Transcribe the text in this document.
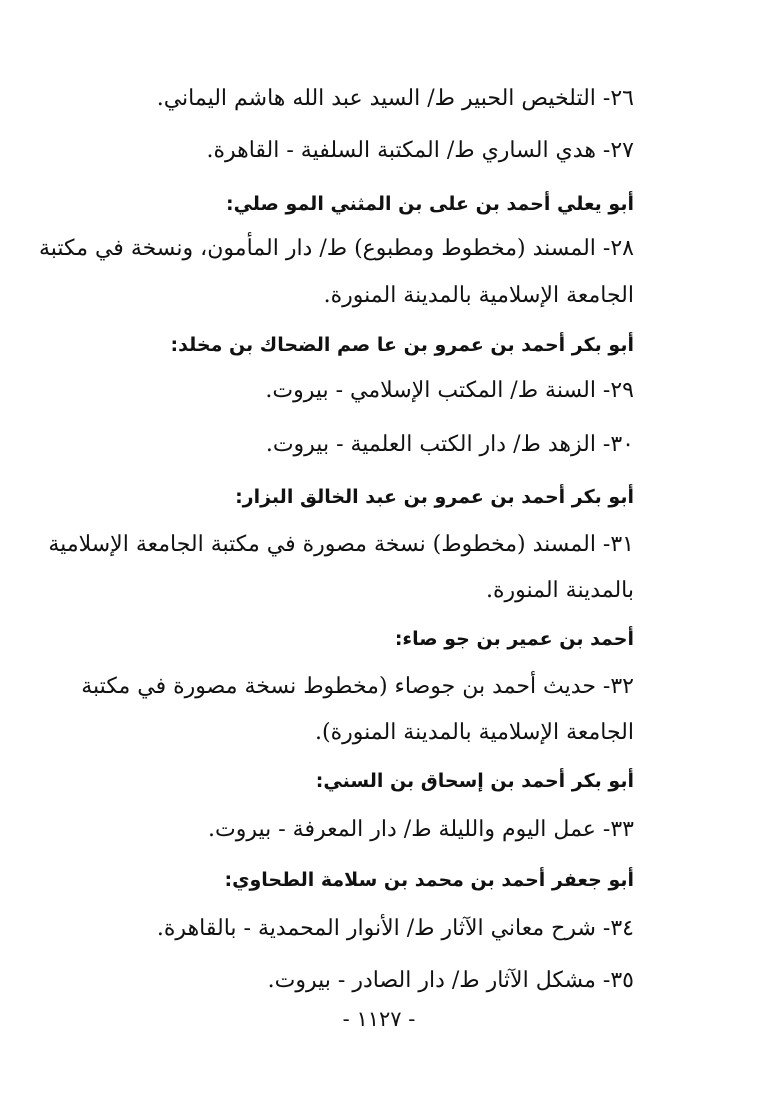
٢٦- التلخيص الحبير ط/ السيد عبد الله هاشم اليماني.
٢٧- هدي الساري ط/ المكتبة السلفية - القاهرة.
أبو يعلي أحمد بن على بن المثني المو صلي:
٢٨- المسند (مخطوط ومطبوع) ط/ دار المأمون، ونسخة في مكتبة
الجامعة الإسلامية بالمدينة المنورة.
أبو بكر أحمد بن عمرو بن عا صم الضحاك بن مخلد:
٢٩- السنة ط/ المكتب الإسلامي - بيروت.
٣٠- الزهد ط/ دار الكتب العلمية - بيروت.
أبو بكر أحمد بن عمرو بن عبد الخالق البزار:
٣١- المسند (مخطوط) نسخة مصورة في مكتبة الجامعة الإسلامية
بالمدينة المنورة.
أحمد بن عمير بن جو صاء:
٣٢- حديث أحمد بن جوصاء (مخطوط نسخة مصورة في مكتبة
الجامعة الإسلامية بالمدينة المنورة).
أبو بكر أحمد بن إسحاق بن السني:
٣٣- عمل اليوم والليلة ط/ دار المعرفة - بيروت.
أبو جعفر أحمد بن محمد بن سلامة الطحاوي:
٣٤- شرح معاني الآثار ط/ الأنوار المحمدية - بالقاهرة.
٣٥- مشكل الآثار ط/ دار الصادر - بيروت.
- ١١٢٧ -
